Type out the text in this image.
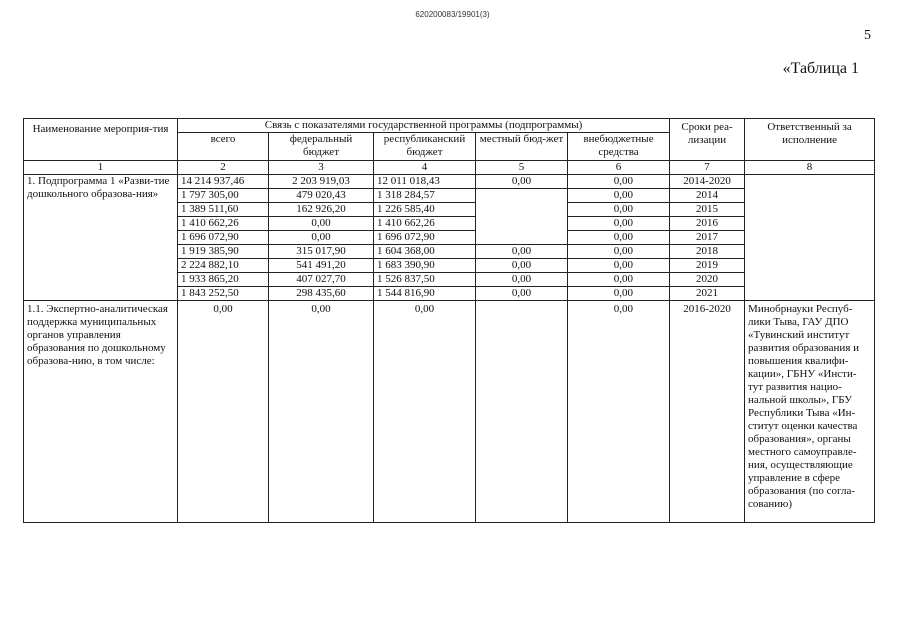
620200083/19901(3)
5
«Таблица 1
Наименование мероприя-тия	Связь с показателями государственной программы (подпрограммы)					Сроки реа-лизации	Ответственный за исполнение
	всего	федеральный бюджет	республиканский бюджет	местный бюд-жет	внебюджетные средства		
1	2	3	4	5	6	7	8
1. Подпрограмма 1 «Разви-тие дошкольного образова-ния»	14 214 937,46	2 203 919,03	12 011 018,43	0,00	0,00	2014-2020	
	1 797 305,00	479 020,43	1 318 284,57		0,00	2014	
	1 389 511,60	162 926,20	1 226 585,40		0,00	2015	
	1 410 662,26	0,00	1 410 662,26		0,00	2016	
	1 696 072,90	0,00	1 696 072,90		0,00	2017	
	1 919 385,90	315 017,90	1 604 368,00	0,00	0,00	2018	
	2 224 882,10	541 491,20	1 683 390,90	0,00	0,00	2019	
	1 933 865,20	407 027,70	1 526 837,50	0,00	0,00	2020	
	1 843 252,50	298 435,60	1 544 816,90	0,00	0,00	2021	
1.1. Экспертно-аналитическая поддержка муниципальных органов управления образования по дошкольному образова-нию, в том числе:	0,00	0,00	0,00		0,00	2016-2020	Минобрнауки Респуб-лики Тыва, ГАУ ДПО «Тувинский институт развития образования и повышения квалифи-кации», ГБНУ «Инсти-тут развития нацио-нальной школы», ГБУ Республики Тыва «Ин-ститут оценки качества образования», органы местного самоуправле-ния, осуществляющие управление в сфере образования (по согла-сованию)
